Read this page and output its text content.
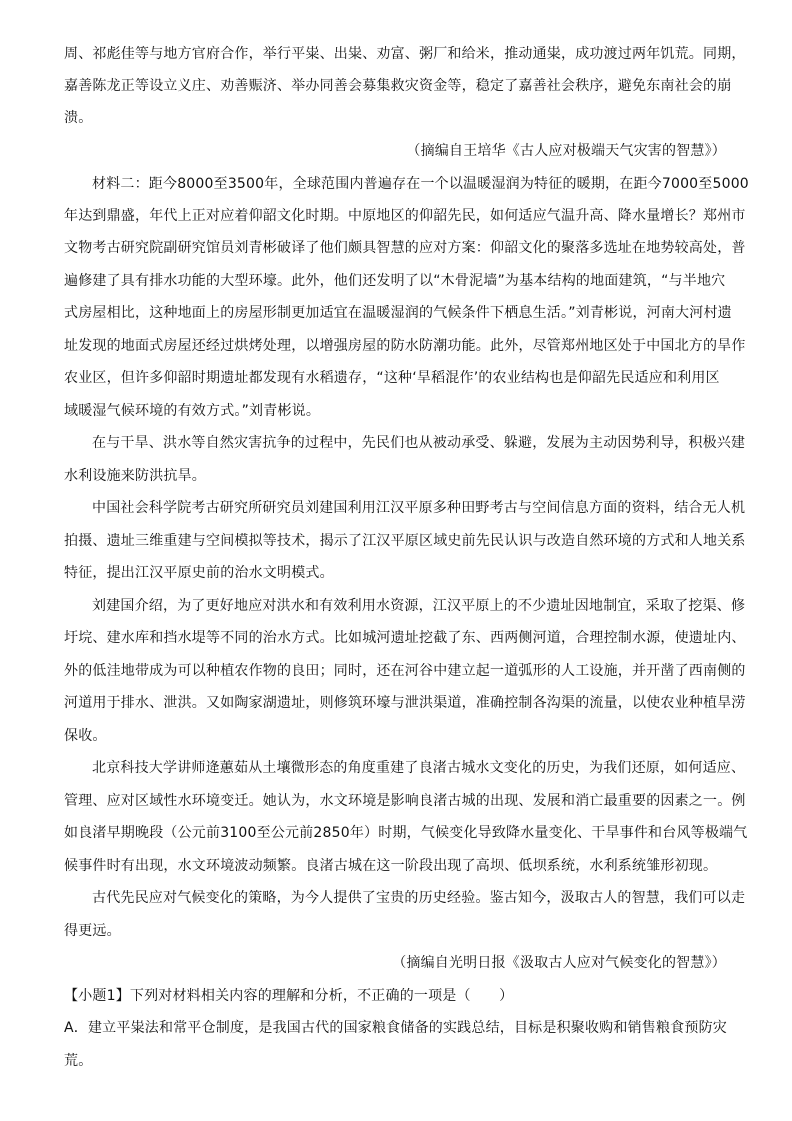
周、祁彪佳等与地方官府合作，举行平粜、出粜、劝富、粥厂和给米，推动通粜，成功渡过两年饥荒。同期，
嘉善陈龙正等设立义庄、劝善赈济、举办同善会募集救灾资金等，稳定了嘉善社会秩序，避免东南社会的崩
溃。
（摘编自王培华《古人应对极端天气灾害的智慧》）
材料二：距今8000至3500年，全球范围内普遍存在一个以温暖湿润为特征的暖期，在距今7000至5000
年达到鼎盛，年代上正对应着仰韶文化时期。中原地区的仰韶先民，如何适应气温升高、降水量增长？郑州市
文物考古研究院副研究馆员刘青彬破译了他们颇具智慧的应对方案：仰韶文化的聚落多选址在地势较高处，普
遍修建了具有排水功能的大型环壕。此外，他们还发明了以“木骨泥墙”为基本结构的地面建筑，“与半地穴
式房屋相比，这种地面上的房屋形制更加适宜在温暖湿润的气候条件下栖息生活。”刘青彬说，河南大河村遗
址发现的地面式房屋还经过烘烤处理，以增强房屋的防水防潮功能。此外，尽管郑州地区处于中国北方的旱作
农业区，但许多仰韶时期遗址都发现有水稻遗存，“这种‘旱稻混作’的农业结构也是仰韶先民适应和利用区
域暖湿气候环境的有效方式。”刘青彬说。
在与干旱、洪水等自然灾害抗争的过程中，先民们也从被动承受、躲避，发展为主动因势利导，积极兴建
水利设施来防洪抗旱。
中国社会科学院考古研究所研究员刘建国利用江汉平原多种田野考古与空间信息方面的资料，结合无人机
拍摄、遗址三维重建与空间模拟等技术，揭示了江汉平原区域史前先民认识与改造自然环境的方式和人地关系
特征，提出江汉平原史前的治水文明模式。
刘建国介绍，为了更好地应对洪水和有效利用水资源，江汉平原上的不少遗址因地制宜，采取了挖渠、修
圩垸、建水库和挡水堤等不同的治水方式。比如城河遗址挖截了东、西两侧河道，合理控制水源，使遗址内、
外的低洼地带成为可以种植农作物的良田；同时，还在河谷中建立起一道弧形的人工设施，并开凿了西南侧的
河道用于排水、泄洪。又如陶家湖遗址，则修筑环壕与泄洪渠道，准确控制各沟渠的流量，以使农业种植旱涝
保收。
北京科技大学讲师逄蕙茹从土壤微形态的角度重建了良渚古城水文变化的历史，为我们还原，如何适应、
管理、应对区域性水环境变迁。她认为，水文环境是影响良渚古城的出现、发展和消亡最重要的因素之一。例
如良渚早期晚段（公元前3100至公元前2850年）时期，气候变化导致降水量变化、干旱事件和台风等极端气
候事件时有出现，水文环境波动频繁。良渚古城在这一阶段出现了高坝、低坝系统，水利系统雏形初现。
古代先民应对气候变化的策略，为今人提供了宝贵的历史经验。鉴古知今，汲取古人的智慧，我们可以走
得更远。
（摘编自光明日报《汲取古人应对气候变化的智慧》）
【小题1】下列对材料相关内容的理解和分析，不正确的一项是（　　）
A．建立平粜法和常平仓制度，是我国古代的国家粮食储备的实践总结，目标是积聚收购和销售粮食预防灾
荒。
